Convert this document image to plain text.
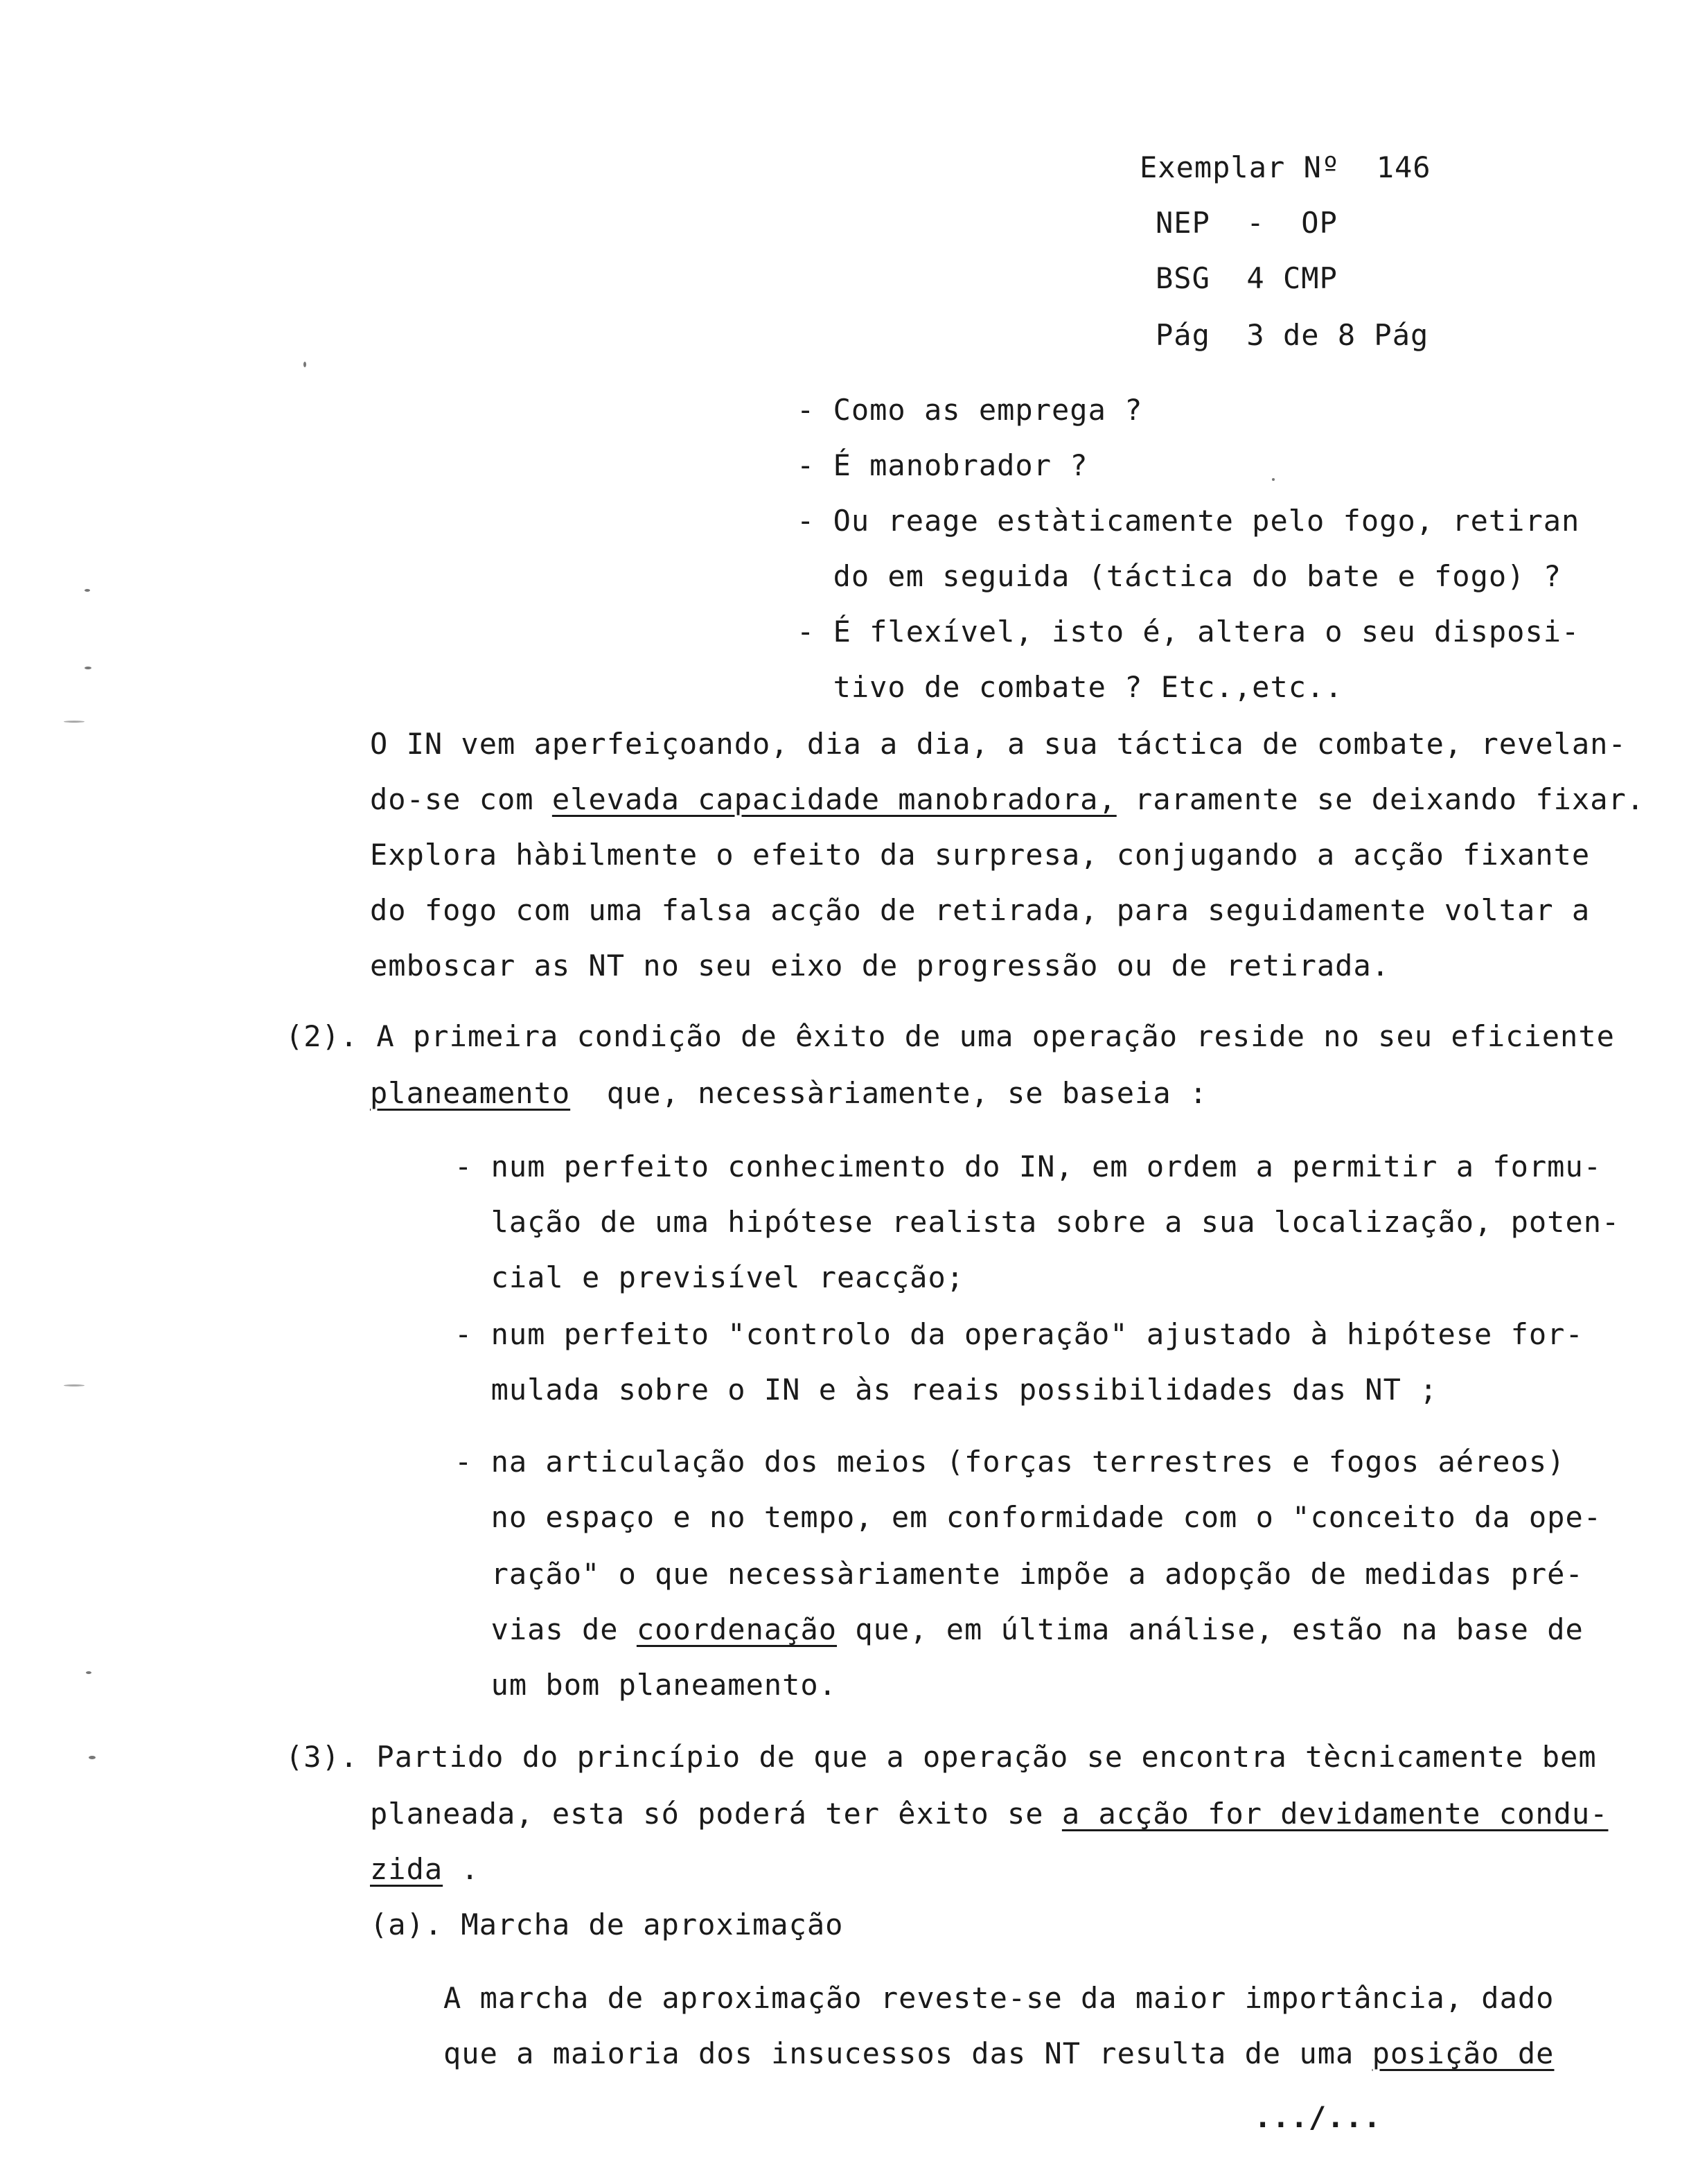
Exemplar Nº  146
NEP  -  OP
BSG  4 CMP
Pág  3 de 8 Pág
- Como as emprega ?
- É manobrador ?
- Ou reage estàticamente pelo fogo, retiran
do em seguida (táctica do bate e fogo) ?
- É flexível, isto é, altera o seu disposi-
tivo de combate ? Etc.,etc..
O IN vem aperfeiçoando, dia a dia, a sua táctica de combate, revelan-
do-se com elevada capacidade manobradora, raramente se deixando fixar.
Explora hàbilmente o efeito da surpresa, conjugando a acção fixante
do fogo com uma falsa acção de retirada, para seguidamente voltar a
emboscar as NT no seu eixo de progressão ou de retirada.
(2). A primeira condição de êxito de uma operação reside no seu eficiente
planeamento  que, necessàriamente, se baseia :
- num perfeito conhecimento do IN, em ordem a permitir a formu-
lação de uma hipótese realista sobre a sua localização, poten-
cial e previsível reacção;
- num perfeito "controlo da operação" ajustado à hipótese for-
mulada sobre o IN e às reais possibilidades das NT ;
- na articulação dos meios (forças terrestres e fogos aéreos)
no espaço e no tempo, em conformidade com o "conceito da ope-
ração" o que necessàriamente impõe a adopção de medidas pré-
vias de coordenação que, em última análise, estão na base de
um bom planeamento.
(3). Partido do princípio de que a operação se encontra tècnicamente bem
planeada, esta só poderá ter êxito se a acção for devidamente condu-
zida .
(a). Marcha de aproximação
A marcha de aproximação reveste-se da maior importância, dado
que a maioria dos insucessos das NT resulta de uma posição de
.../...
